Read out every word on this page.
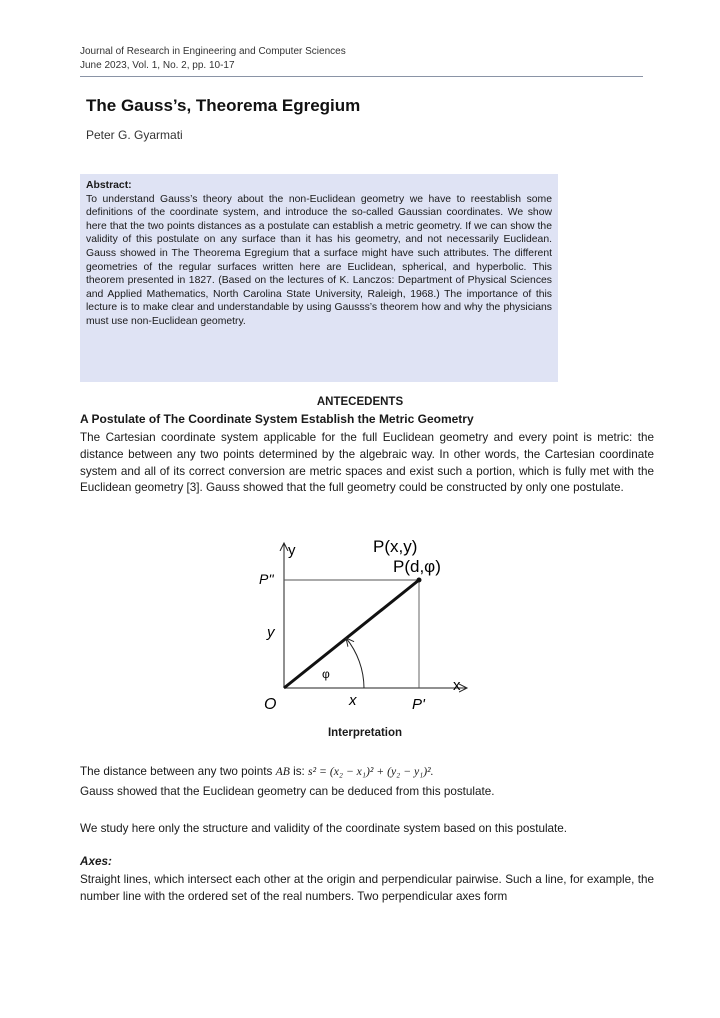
Journal of Research in Engineering and Computer Sciences
June 2023, Vol. 1, No. 2, pp. 10-17
The Gauss’s, Theorema Egregium
Peter G. Gyarmati
Abstract:
To understand Gauss’s theory about the non-Euclidean geometry we have to reestablish some definitions of the coordinate system, and introduce the so-called Gaussian coordinates. We show here that the two points distances as a postulate can establish a metric geometry. If we can show the validity of this postulate on any surface than it has his geometry, and not necessarily Euclidean. Gauss showed in The Theorema Egregium that a surface might have such attributes. The different geometries of the regular surfaces written here are Euclidean, spherical, and hyperbolic. This theorem presented in 1827. (Based on the lectures of K. Lanczos: Department of Physical Sciences and Applied Mathematics, North Carolina State University, Raleigh, 1968.) The importance of this lecture is to make clear and understandable by using Gausss’s theorem how and why the physicians must use non-Euclidean geometry.
ANTECEDENTS
A Postulate of The Coordinate System Establish the Metric Geometry

The Cartesian coordinate system applicable for the full Euclidean geometry and every point is metric: the distance between any two points determined by the algebraic way. In other words, the Cartesian coordinate system and all of its correct conversion are metric spaces and exist such a portion, which is fully met with the Euclidean geometry [3]. Gauss showed that the full geometry could be constructed by only one postulate.

y
x
P(x,y)
P(d,φ)
P''
y
φ
O	x	P'
Interpretation
The distance between any two points AB is: s² = (x₂ − x₁)² + (y₂ − y₁)².
Gauss showed that the Euclidean geometry can be deduced from this postulate.
We study here only the structure and validity of the coordinate system based on this postulate.
Axes:

Straight lines, which intersect each other at the origin and perpendicular pairwise. Such a line, for example, the number line with the ordered set of the real numbers. Two perpendicular axes form
